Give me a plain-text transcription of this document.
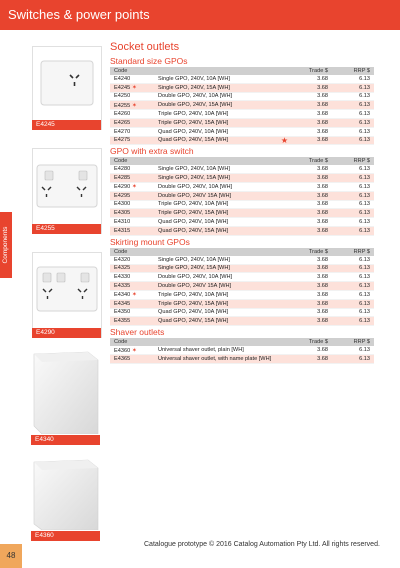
Switches & power points
Components
E4245
E4255
E4290
E4340
E4360
Socket outlets
Standard size GPOs
Code		Trade $	RRP $
E4240	Single GPO, 240V, 10A [WH]	3.68	6.13
E4245 ✶	Single GPO, 240V, 15A [WH]	3.68	6.13
E4250	Double GPO, 240V, 10A [WH]	3.68	6.13
E4255 ✶	Double GPO, 240V, 15A [WH]	3.68	6.13
E4260	Triple GPO, 240V, 10A [WH]	3.68	6.13
E4265	Triple GPO, 240V, 15A [WH]	3.68	6.13
E4270	Quad GPO, 240V, 10A [WH]	3.68	6.13
E4275	Quad GPO, 240V, 15A [WH] ★	3.68	6.13
GPO with extra switch
Code		Trade $	RRP $
E4280	Single GPO, 240V, 10A [WH]	3.68	6.13
E4285	Single GPO, 240V, 15A [WH]	3.68	6.13
E4290 ✶	Double GPO, 240V, 10A [WH]	3.68	6.13
E4295	Double GPO, 240V 15A [WH]	3.68	6.13
E4300	Triple GPO, 240V, 10A [WH]	3.68	6.13
E4305	Triple GPO, 240V, 15A [WH]	3.68	6.13
E4310	Quad GPO, 240V, 10A [WH]	3.68	6.13
E4315	Quad GPO, 240V, 15A [WH]	3.68	6.13
Skirting mount GPOs
Code		Trade $	RRP $
E4320	Single GPO, 240V, 10A [WH]	3.68	6.13
E4325	Single GPO, 240V, 15A [WH]	3.68	6.13
E4330	Double GPO, 240V, 10A [WH]	3.68	6.13
E4335	Double GPO, 240V 15A [WH]	3.68	6.13
E4340 ✶	Triple GPO, 240V, 10A [WH]	3.68	6.13
E4345	Triple GPO, 240V, 15A [WH]	3.68	6.13
E4350	Quad GPO, 240V, 10A [WH]	3.68	6.13
E4355	Quad GPO, 240V, 15A [WH]	3.68	6.13
Shaver outlets
Code		Trade $	RRP $
E4360 ✶	Universal shaver outlet, plain [WH]	3.68	6.13
E4365	Universal shaver outlet, with name plate [WH]	3.68	6.13
48
Catalogue prototype © 2016 Catalog Automation Pty Ltd. All rights reserved.
